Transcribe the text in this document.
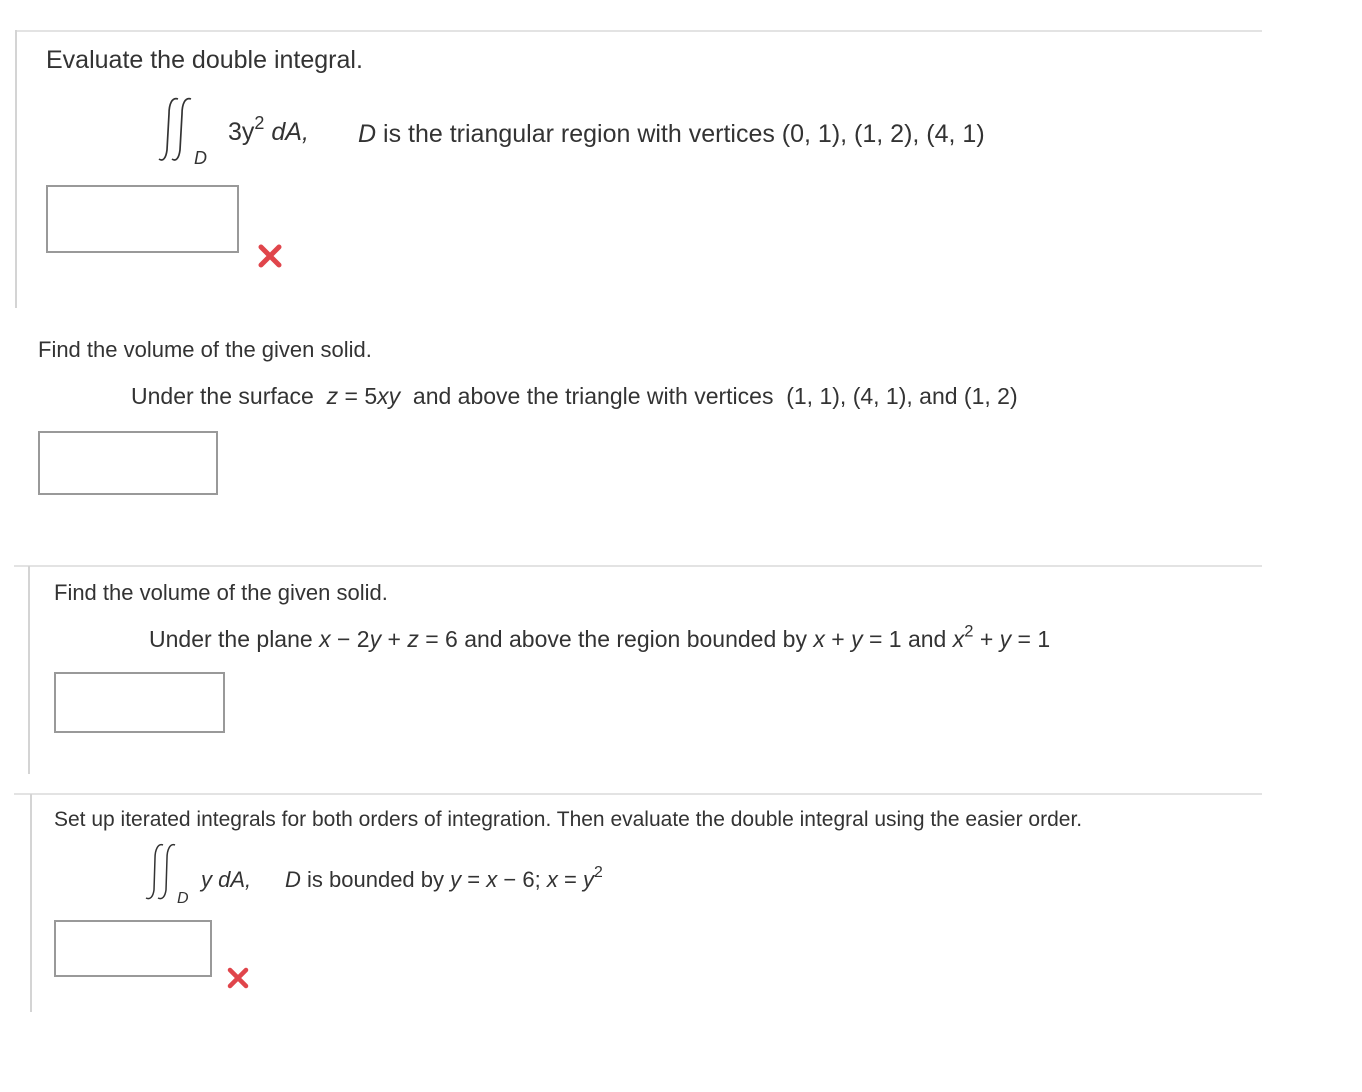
Evaluate the double integral.
D
$3y^2$ dA, D is the triangular region with vertices (0, 1), (1, 2), (4, 1)
Find the volume of the given solid.
Under the surface z = 5xy and above the triangle with vertices (1, 1), (4, 1), and (1, 2)
Find the volume of the given solid.
Under the plane x − 2y + z = 6 and above the region bounded by x + y = 1 and $x^2 + y = 1$
Set up iterated integrals for both orders of integration. Then evaluate the double integral using the easier order.
D
y dA, D is bounded by y = x − 6; $x = y^2$
